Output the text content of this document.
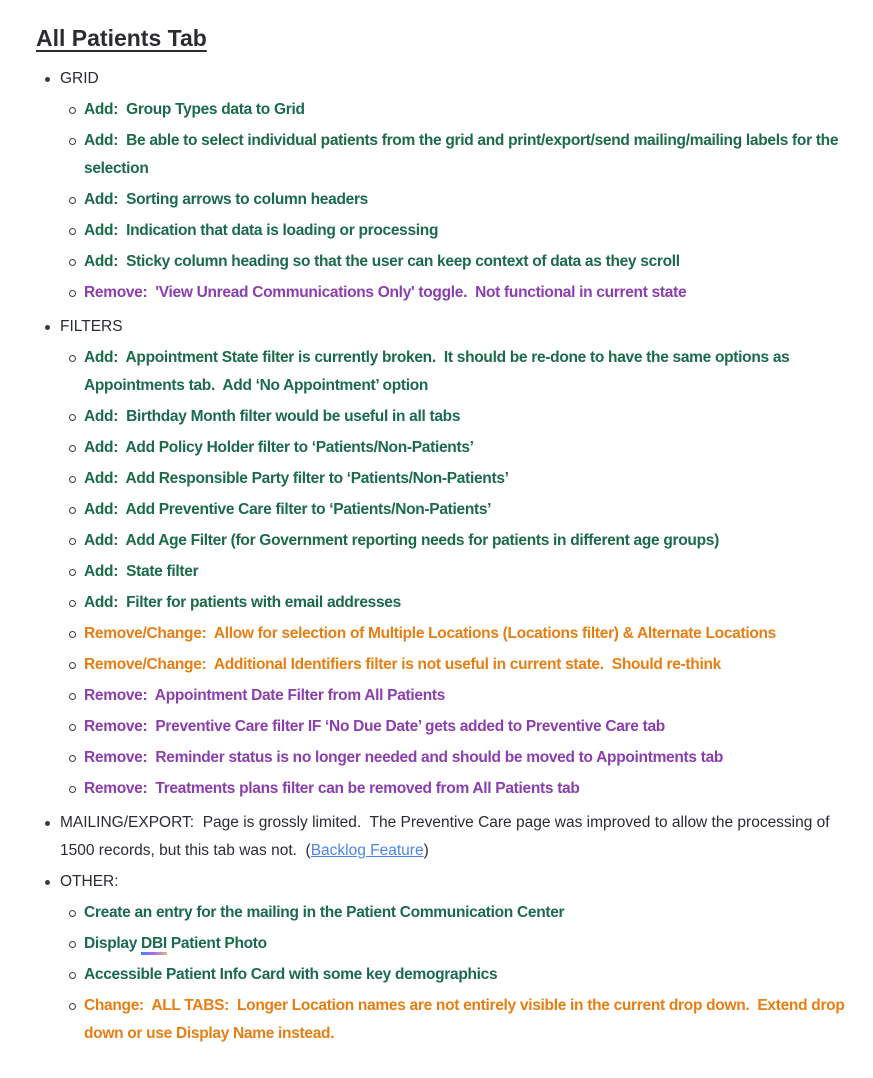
All Patients Tab
GRID
Add:  Group Types data to Grid
Add:  Be able to select individual patients from the grid and print/export/send mailing/mailing labels for the selection
Add:  Sorting arrows to column headers
Add:  Indication that data is loading or processing
Add:  Sticky column heading so that the user can keep context of data as they scroll
Remove:  'View Unread Communications Only' toggle.  Not functional in current state
FILTERS
Add:  Appointment State filter is currently broken.  It should be re-done to have the same options as Appointments tab.  Add ‘No Appointment’ option
Add:  Birthday Month filter would be useful in all tabs
Add:  Add Policy Holder filter to ‘Patients/Non-Patients’
Add:  Add Responsible Party filter to ‘Patients/Non-Patients’
Add:  Add Preventive Care filter to ‘Patients/Non-Patients’
Add:  Add Age Filter (for Government reporting needs for patients in different age groups)
Add:  State filter
Add:  Filter for patients with email addresses
Remove/Change:  Allow for selection of Multiple Locations (Locations filter) & Alternate Locations
Remove/Change:  Additional Identifiers filter is not useful in current state.  Should re-think
Remove:  Appointment Date Filter from All Patients
Remove:  Preventive Care filter IF ‘No Due Date’ gets added to Preventive Care tab
Remove:  Reminder status is no longer needed and should be moved to Appointments tab
Remove:  Treatments plans filter can be removed from All Patients tab
MAILING/EXPORT:  Page is grossly limited.  The Preventive Care page was improved to allow the processing of 1500 records, but this tab was not.  (Backlog Feature)
OTHER:
Create an entry for the mailing in the Patient Communication Center
Display DBI Patient Photo
Accessible Patient Info Card with some key demographics
Change:  ALL TABS:  Longer Location names are not entirely visible in the current drop down.  Extend drop down or use Display Name instead.
